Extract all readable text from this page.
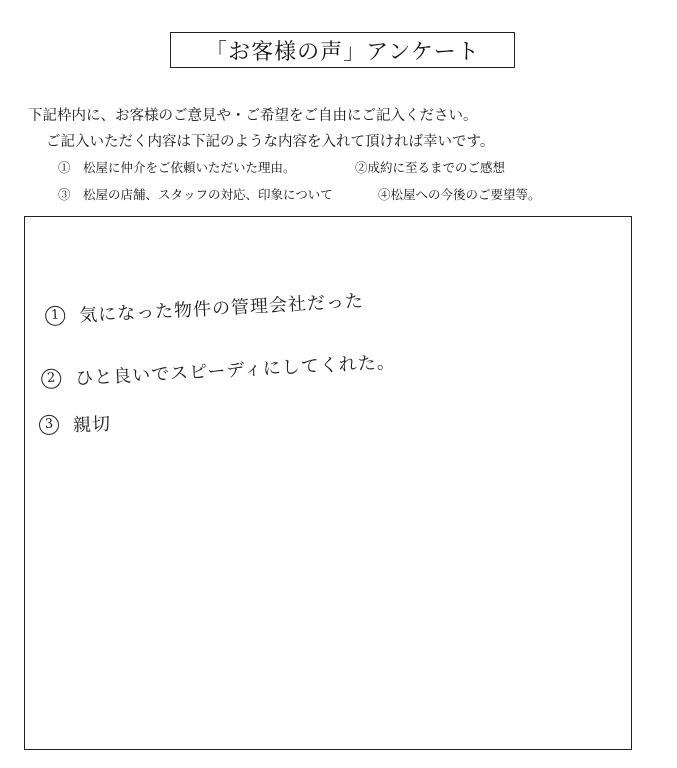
「お客様の声」アンケート
下記枠内に、お客様のご意見や・ご希望をご自由にご記入ください。
ご記入いただく内容は下記のような内容を入れて頂ければ幸いです。
①　松屋に仲介をご依頼いただいた理由。	②成約に至るまでのご感想
③　松屋の店舗、スタッフの対応、印象について	④松屋への今後のご要望等。
1 気になった物件の管理会社だった
2 ひと良いでスピーディにしてくれた。
3 親切
